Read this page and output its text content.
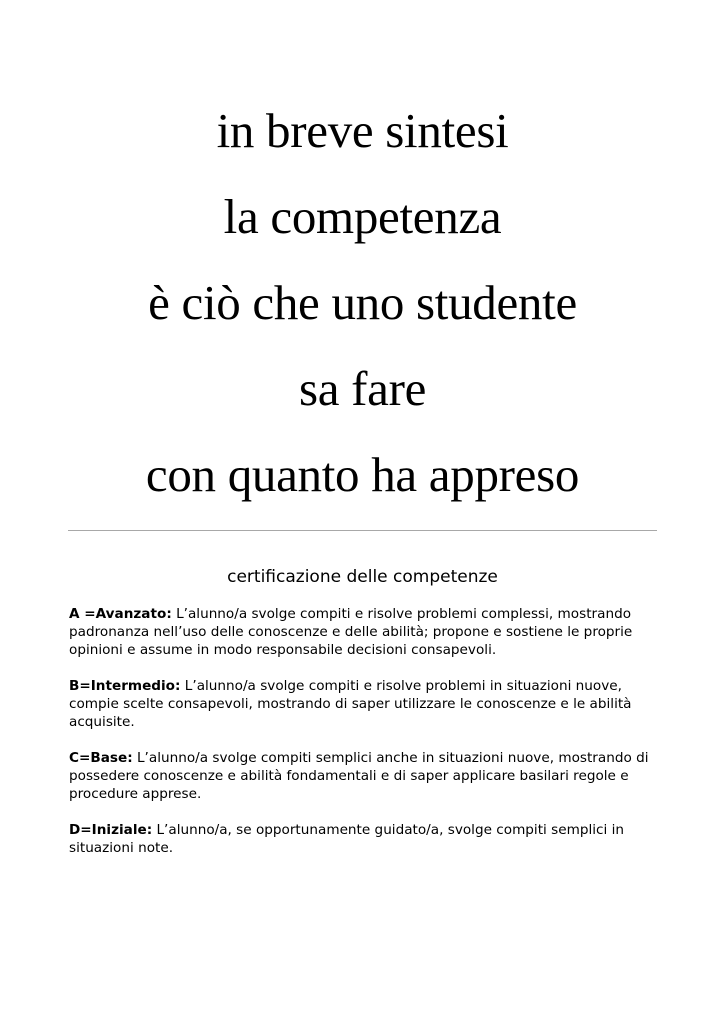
in breve sintesi
la competenza
è ciò che uno studente
sa fare
con quanto ha appreso
certificazione delle competenze

A =Avanzato: L’alunno/a svolge compiti e risolve problemi complessi, mostrando padronanza nell’uso delle conoscenze e delle abilità; propone e sostiene le proprie opinioni e assume in modo responsabile decisioni consapevoli.

B=Intermedio: L’alunno/a svolge compiti e risolve problemi in situazioni nuove, compie scelte consapevoli, mostrando di saper utilizzare le conoscenze e le abilità acquisite.

C=Base: L’alunno/a svolge compiti semplici anche in situazioni nuove, mostrando di possedere conoscenze e abilità fondamentali e di saper applicare basilari regole e procedure apprese.

D=Iniziale: L’alunno/a, se opportunamente guidato/a, svolge compiti semplici in situazioni note.
